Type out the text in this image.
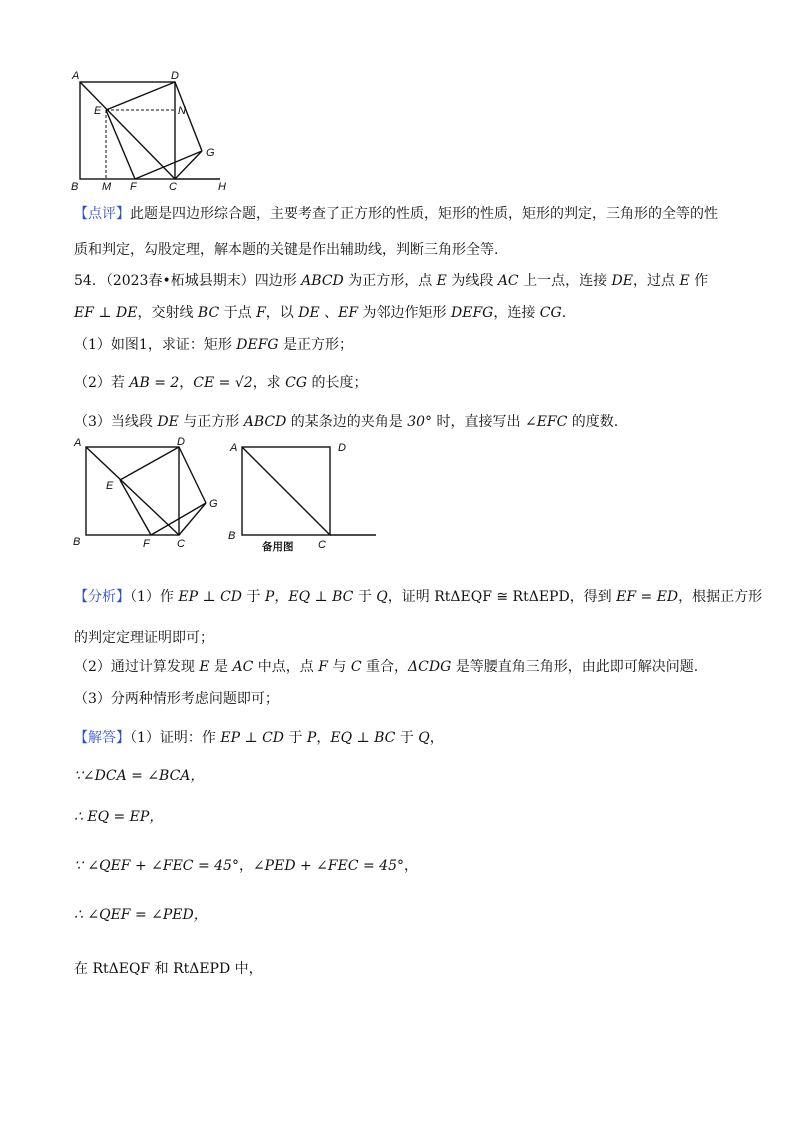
A	D
E	N
G
B M F	C	H
【点评】此题是四边形综合题，主要考查了正方形的性质，矩形的性质，矩形的判定，三角形的全等的性
质和判定，勾股定理，解本题的关键是作出辅助线，判断三角形全等.
54．（2023春•柘城县期末）四边形 ABCD 为正方形，点 E 为线段 AC 上一点，连接 DE，过点 E 作
EF ⊥ DE，交射线 BC 于点 F，以 DE 、EF 为邻边作矩形 DEFG，连接 CG.
（1）如图1，求证：矩形 DEFG 是正方形；
（2）若 AB = 2，CE = √2，求 CG 的长度；
（3）当线段 DE 与正方形 ABCD 的某条边的夹角是 30° 时，直接写出 ∠EFC 的度数.
A	D
E
G
B	F C
A	D
B
C
备用图
【分析】（1）作 EP ⊥ CD 于 P，EQ ⊥ BC 于 Q，证明 RtΔEQF ≅ RtΔEPD，得到 EF = ED，根据正方形
的判定定理证明即可；
（2）通过计算发现 E 是 AC 中点，点 F 与 C 重合，ΔCDG 是等腰直角三角形，由此即可解决问题.
（3）分两种情形考虑问题即可；
【解答】（1）证明：作 EP ⊥ CD 于 P，EQ ⊥ BC 于 Q，
∵∠DCA = ∠BCA，
∴ EQ = EP，
∵ ∠QEF + ∠FEC = 45°，∠PED + ∠FEC = 45°，
∴ ∠QEF = ∠PED，
在 RtΔEQF 和 RtΔEPD 中，
